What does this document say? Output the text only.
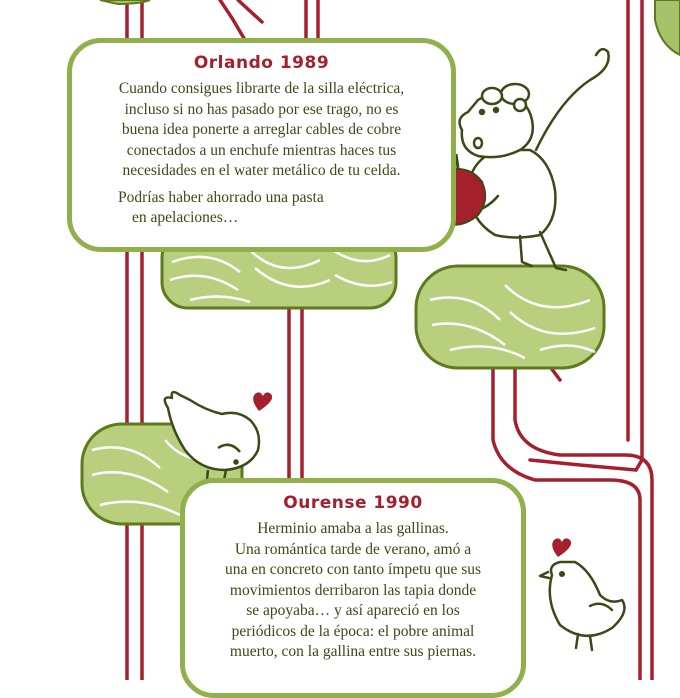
Orlando 1989
Cuando consigues librarte de la silla eléctrica,
incluso si no has pasado por ese trago, no es
buena idea ponerte a arreglar cables de cobre
conectados a un enchufe mientras haces tus
necesidades en el water metálico de tu celda.
Podrías haber ahorrado una pasta
en apelaciones…
Ourense 1990
Herminio amaba a las gallinas.
Una romántica tarde de verano, amó a
una en concreto con tanto ímpetu que sus
movimientos derribaron las tapia donde
se apoyaba… y así apareció en los
periódicos de la época: el pobre animal
muerto, con la gallina entre sus piernas.
